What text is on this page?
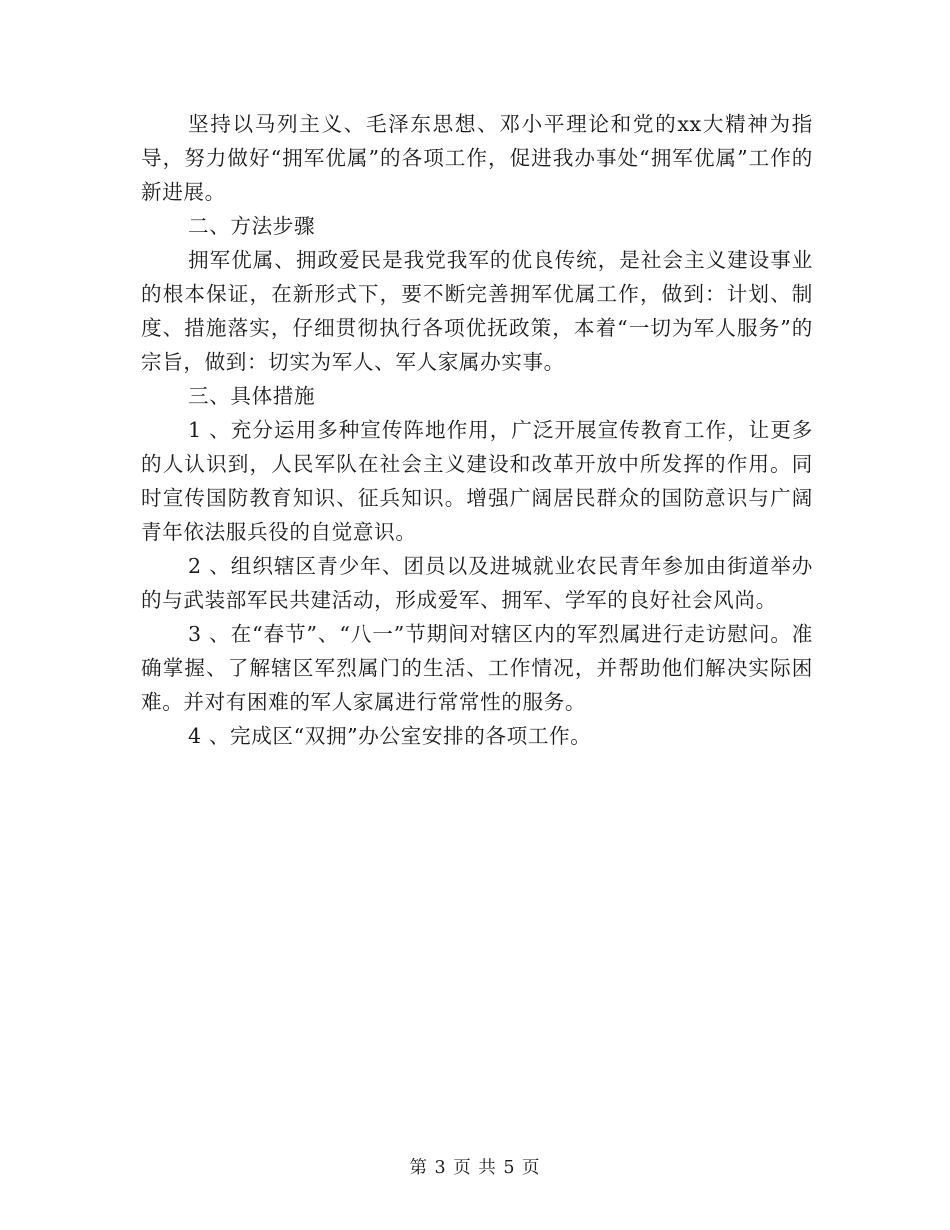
坚持以马列主义、毛泽东思想、邓小平理论和党的xx大精神为指导，努力做好“拥军优属”的各项工作，促进我办事处“拥军优属”工作的新进展。

二、方法步骤

拥军优属、拥政爱民是我党我军的优良传统，是社会主义建设事业的根本保证，在新形式下，要不断完善拥军优属工作，做到：计划、制度、措施落实，仔细贯彻执行各项优抚政策，本着“一切为军人服务”的宗旨，做到：切实为军人、军人家属办实事。

三、具体措施

1 、充分运用多种宣传阵地作用，广泛开展宣传教育工作，让更多的人认识到，人民军队在社会主义建设和改革开放中所发挥的作用。同时宣传国防教育知识、征兵知识。增强广阔居民群众的国防意识与广阔青年依法服兵役的自觉意识。

2 、组织辖区青少年、团员以及进城就业农民青年参加由街道举办的与武装部军民共建活动，形成爱军、拥军、学军的良好社会风尚。

3 、在“春节”、“八一”节期间对辖区内的军烈属进行走访慰问。准确掌握、了解辖区军烈属门的生活、工作情况，并帮助他们解决实际困难。并对有困难的军人家属进行常常性的服务。

4 、完成区“双拥”办公室安排的各项工作。

第 3 页 共 5 页
